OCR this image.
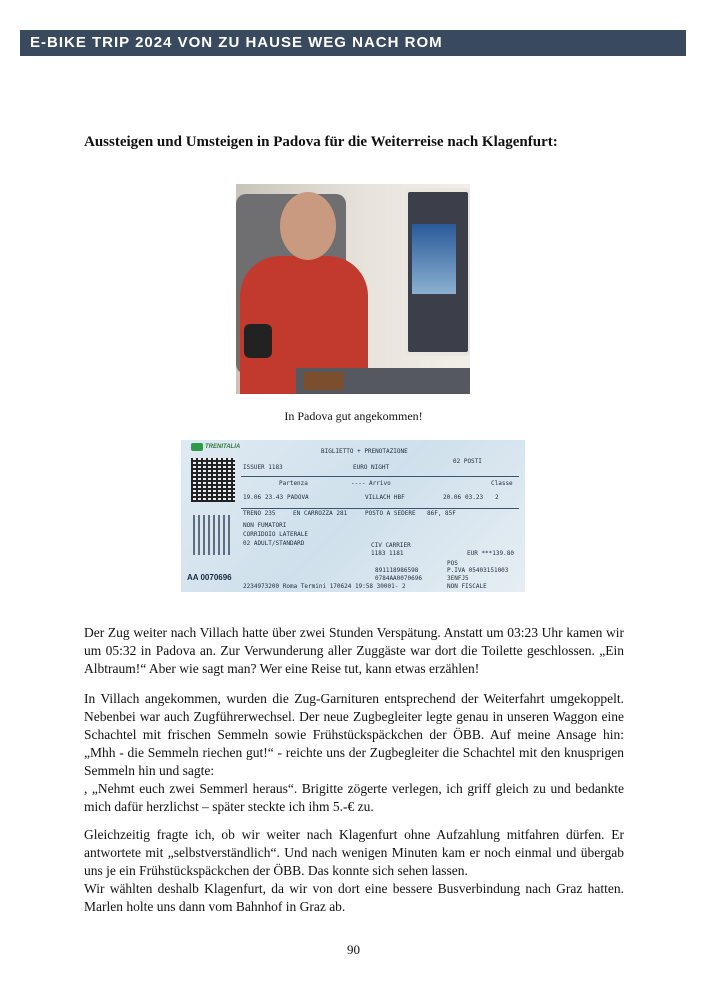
E-BIKE TRIP 2024 VON ZU HAUSE WEG NACH ROM
Aussteigen und Umsteigen in Padova für die Weiterreise nach Klagenfurt:

In Padova gut angekommen!

TRENITALIA
BIGLIETTO + PRENOTAZIONE
02 POSTI
ISSUER 1183	EURO NIGHT
Partenza	---- Arrivo	Classe
19.06 23.43 PADOVA	VILLACH HBF	20.06 03.23 2
TRENO 235	EN CARROZZA 281	POSTO A SEDERE 86F, 85F
NON FUMATORI
CORRIDOIO LATERALE
02 ADULT/STANDARD	CIV CARRIER
1183 1181	EUR ***139.80
POS
891118986598	P.IVA 05403151003
0784AA0070696	3ENFJ5
NON FISCALE
AA 0070696
2234973200 Roma Termini 170624 19:58 30001- 2

Der Zug weiter nach Villach hatte über zwei Stunden Verspätung. Anstatt um 03:23 Uhr kamen wir um 05:32 in Padova an. Zur Verwunderung aller Zuggäste war dort die Toilette geschlossen. „Ein Albtraum!“ Aber wie sagt man? Wer eine Reise tut, kann etwas erzählen!

In Villach angekommen, wurden die Zug-Garnituren entsprechend der Weiterfahrt umgekoppelt. Nebenbei war auch Zugführerwechsel. Der neue Zugbegleiter legte genau in unseren Waggon eine Schachtel mit frischen Semmeln sowie Frühstückspäckchen der ÖBB. Auf meine Ansage hin: „Mhh - die Semmeln riechen gut!“ - reichte uns der Zugbegleiter die Schachtel mit den knusprigen Semmeln hin und sagte:
, „Nehmt euch zwei Semmerl heraus“. Brigitte zögerte verlegen, ich griff gleich zu und bedankte mich dafür herzlichst – später steckte ich ihm 5.-€ zu.

Gleichzeitig fragte ich, ob wir weiter nach Klagenfurt ohne Aufzahlung mitfahren dürfen. Er antwortete mit „selbstverständlich“. Und nach wenigen Minuten kam er noch einmal und übergab uns je ein Frühstückspäckchen der ÖBB. Das konnte sich sehen lassen.
Wir wählten deshalb Klagenfurt, da wir von dort eine bessere Busverbindung nach Graz hatten. Marlen holte uns dann vom Bahnhof in Graz ab.

90
